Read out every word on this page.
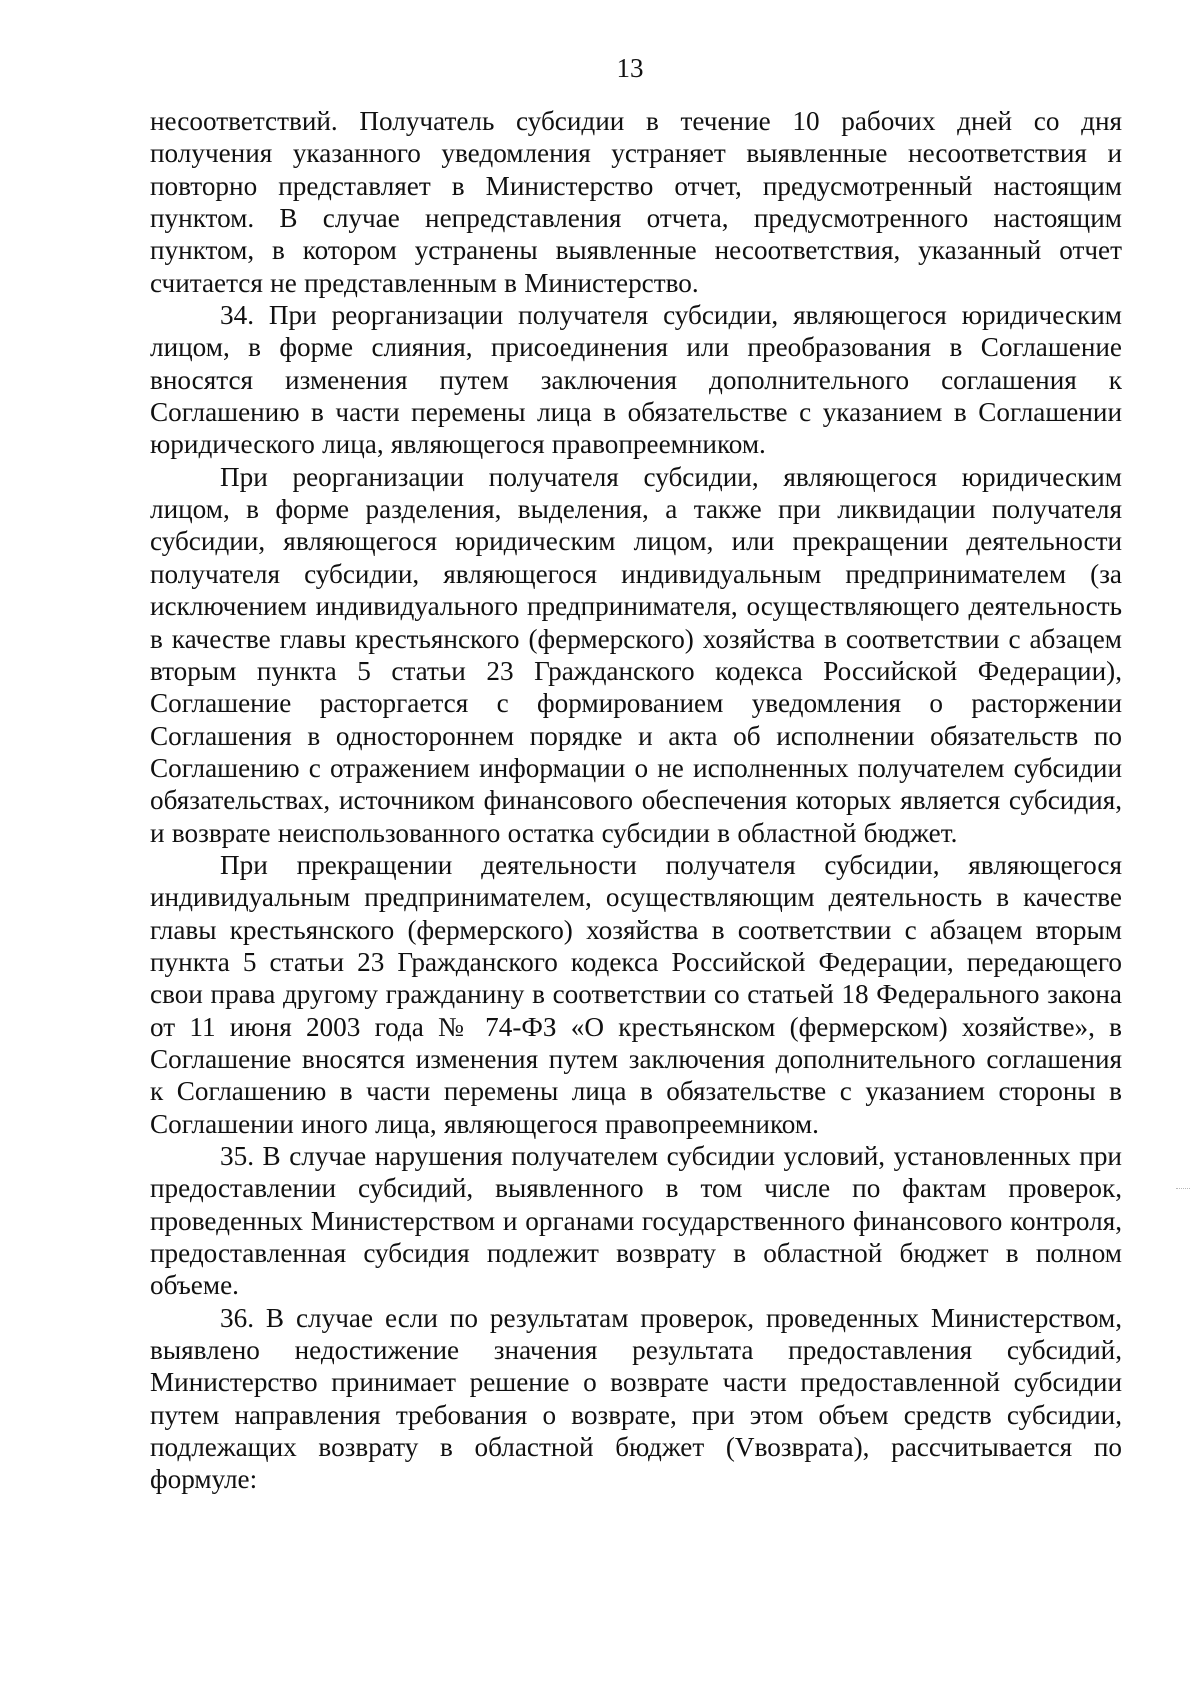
13

несоответствий. Получатель субсидии в течение 10 рабочих дней со дня получения указанного уведомления устраняет выявленные несоответствия и повторно представляет в Министерство отчет, предусмотренный настоящим пунктом. В случае непредставления отчета, предусмотренного настоящим пунктом, в котором устранены выявленные несоответствия, указанный отчет считается не представленным в Министерство.

34. При реорганизации получателя субсидии, являющегося юридическим лицом, в форме слияния, присоединения или преобразования в Соглашение вносятся изменения путем заключения дополнительного соглашения к Соглашению в части перемены лица в обязательстве с указанием в Соглашении юридического лица, являющегося правопреемником.

При реорганизации получателя субсидии, являющегося юридическим лицом, в форме разделения, выделения, а также при ликвидации получателя субсидии, являющегося юридическим лицом, или прекращении деятельности получателя субсидии, являющегося индивидуальным предпринимателем (за исключением индивидуального предпринимателя, осуществляющего деятельность в качестве главы крестьянского (фермерского) хозяйства в соответствии с абзацем вторым пункта 5 статьи 23 Гражданского кодекса Российской Федерации), Соглашение расторгается с формированием уведомления о расторжении Соглашения в одностороннем порядке и акта об исполнении обязательств по Соглашению с отражением информации о не исполненных получателем субсидии обязательствах, источником финансового обеспечения которых является субсидия, и возврате неиспользованного остатка субсидии в областной бюджет.

При прекращении деятельности получателя субсидии, являющегося индивидуальным предпринимателем, осуществляющим деятельность в качестве главы крестьянского (фермерского) хозяйства в соответствии с абзацем вторым пункта 5 статьи 23 Гражданского кодекса Российской Федерации, передающего свои права другому гражданину в соответствии со статьей 18 Федерального закона от 11 июня 2003 года № 74-ФЗ «О крестьянском (фермерском) хозяйстве», в Соглашение вносятся изменения путем заключения дополнительного соглашения к Соглашению в части перемены лица в обязательстве с указанием стороны в Соглашении иного лица, являющегося правопреемником.

35. В случае нарушения получателем субсидии условий, установленных при предоставлении субсидий, выявленного в том числе по фактам проверок, проведенных Министерством и органами государственного финансового контроля, предоставленная субсидия подлежит возврату в областной бюджет в полном объеме.

36. В случае если по результатам проверок, проведенных Министерством, выявлено недостижение значения результата предоставления субсидий, Министерство принимает решение о возврате части предоставленной субсидии путем направления требования о возврате, при этом объем средств субсидии, подлежащих возврату в областной бюджет (Vвозврата), рассчитывается по формуле:
